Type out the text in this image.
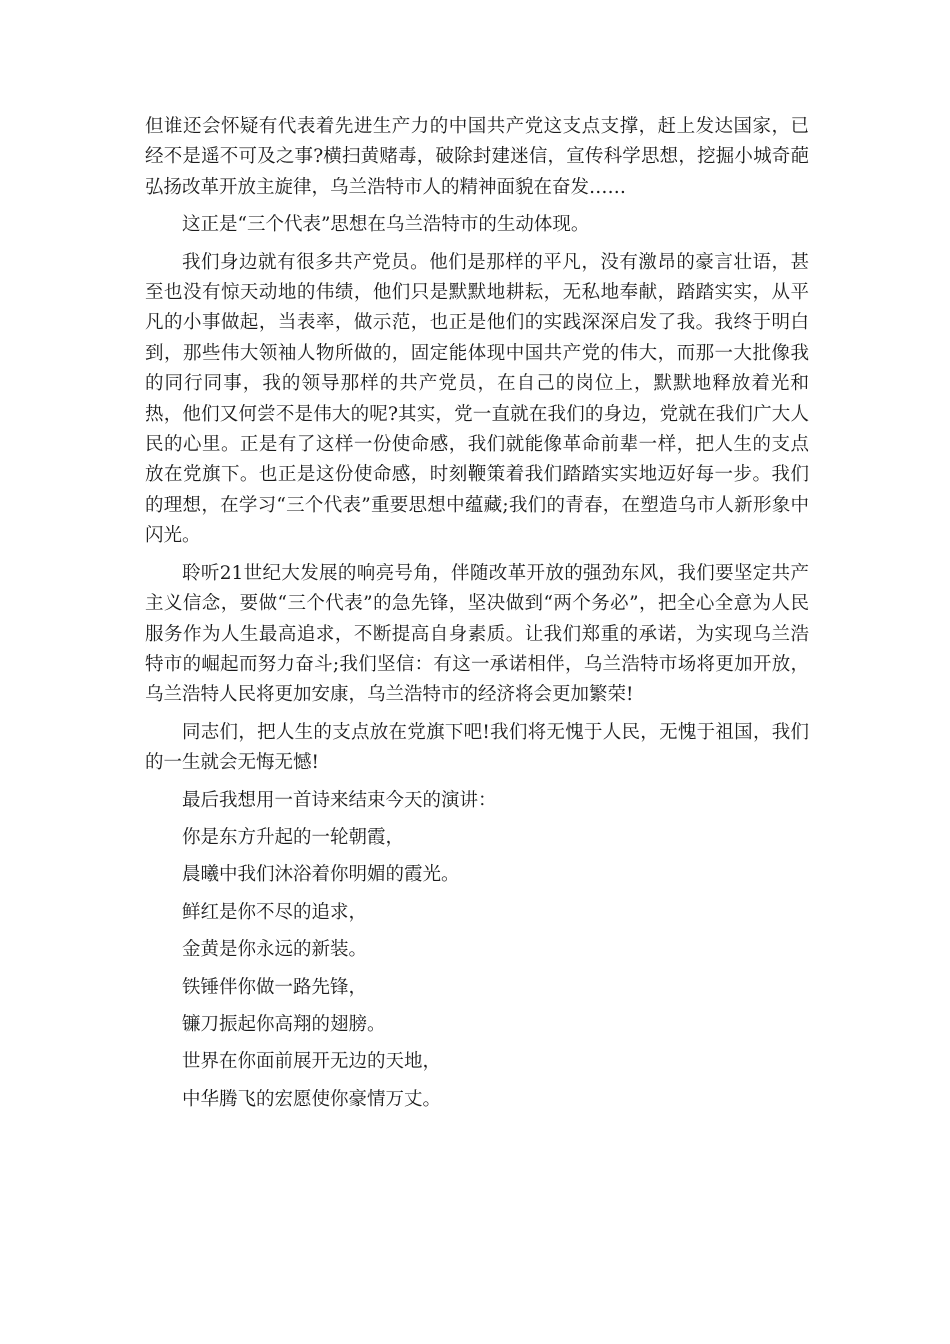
但谁还会怀疑有代表着先进生产力的中国共产党这支点支撑，赶上发达国家，已经不是遥不可及之事?横扫黄赌毒，破除封建迷信，宣传科学思想，挖掘小城奇葩弘扬改革开放主旋律，乌兰浩特市人的精神面貌在奋发……

这正是“三个代表”思想在乌兰浩特市的生动体现。

我们身边就有很多共产党员。他们是那样的平凡，没有激昂的豪言壮语，甚至也没有惊天动地的伟绩，他们只是默默地耕耘，无私地奉献，踏踏实实，从平凡的小事做起，当表率，做示范，也正是他们的实践深深启发了我。我终于明白到，那些伟大领袖人物所做的，固定能体现中国共产党的伟大，而那一大批像我的同行同事，我的领导那样的共产党员，在自己的岗位上，默默地释放着光和热，他们又何尝不是伟大的呢?其实，党一直就在我们的身边，党就在我们广大人民的心里。正是有了这样一份使命感，我们就能像革命前辈一样，把人生的支点放在党旗下。也正是这份使命感，时刻鞭策着我们踏踏实实地迈好每一步。我们的理想，在学习“三个代表”重要思想中蕴藏;我们的青春，在塑造乌市人新形象中闪光。

聆听21世纪大发展的响亮号角，伴随改革开放的强劲东风，我们要坚定共产主义信念，要做“三个代表”的急先锋，坚决做到“两个务必”，把全心全意为人民服务作为人生最高追求，不断提高自身素质。让我们郑重的承诺，为实现乌兰浩特市的崛起而努力奋斗;我们坚信：有这一承诺相伴，乌兰浩特市场将更加开放，乌兰浩特人民将更加安康，乌兰浩特市的经济将会更加繁荣!

同志们，把人生的支点放在党旗下吧!我们将无愧于人民，无愧于祖国，我们的一生就会无悔无憾!

最后我想用一首诗来结束今天的演讲：

你是东方升起的一轮朝霞，

晨曦中我们沐浴着你明媚的霞光。

鲜红是你不尽的追求，

金黄是你永远的新装。

铁锤伴你做一路先锋，

镰刀振起你高翔的翅膀。

世界在你面前展开无边的天地，

中华腾飞的宏愿使你豪情万丈。
